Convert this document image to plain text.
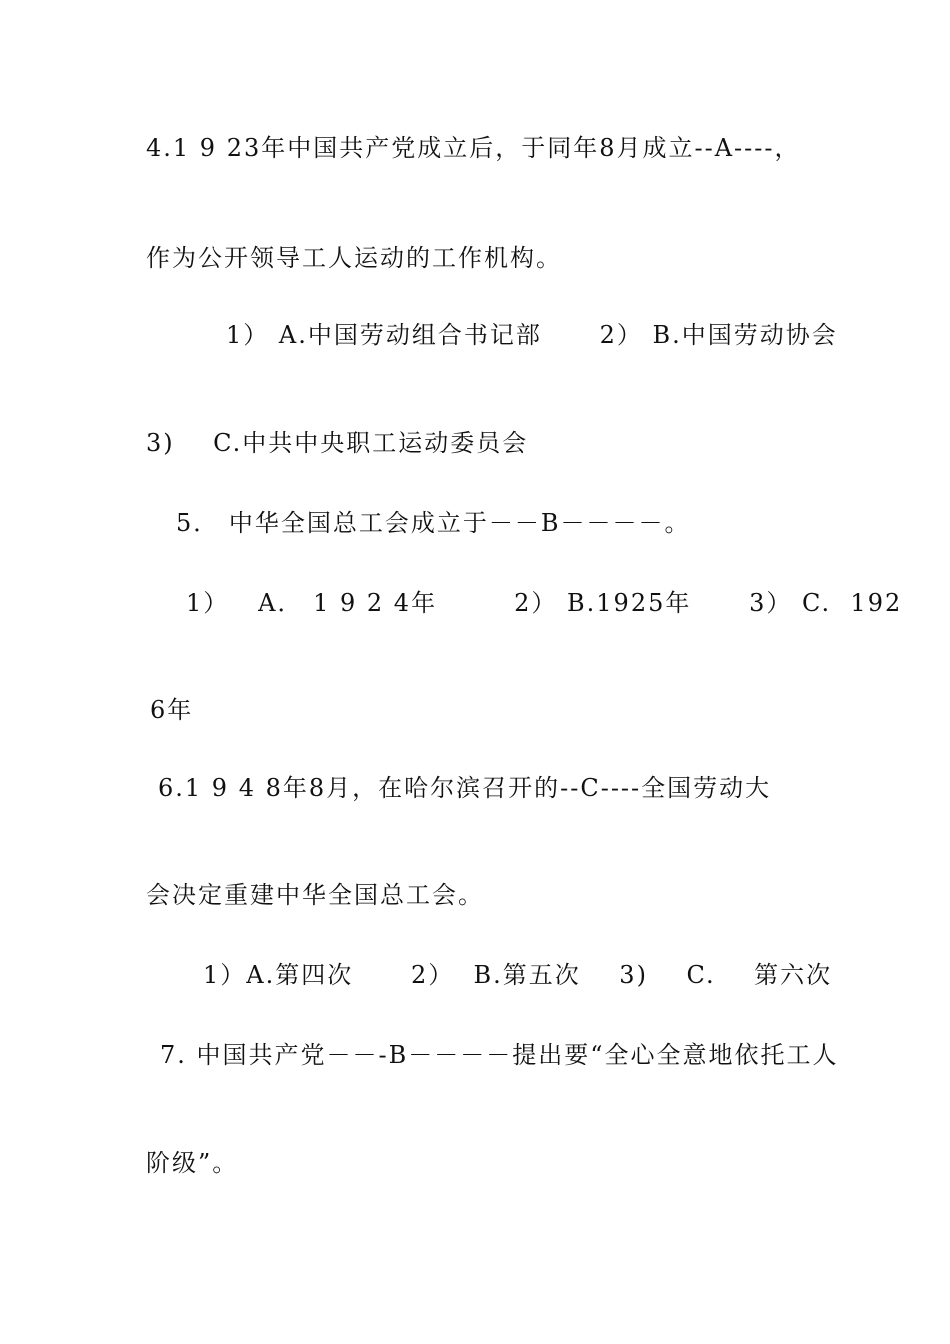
4.1 9 23年中国共产党成立后，于同年8月成立--A----，
作为公开领导工人运动的工作机构。
1） A.中国劳动组合书记部      2） B.中国劳动协会
3)    C.中共中央职工运动委员会
5． 中华全国总工会成立于－－B－－－－。
1）   A． 1 9 2 4年        2） B.1925年      3） C.  192
6年
6.1 9 4 8年8月，在哈尔滨召开的--C----全国劳动大
会决定重建中华全国总工会。
1）A.第四次      2）  B.第五次    3)    C.    第六次
7. 中国共产党－－-B－－－－提出要“全心全意地依托工人
阶级”。
